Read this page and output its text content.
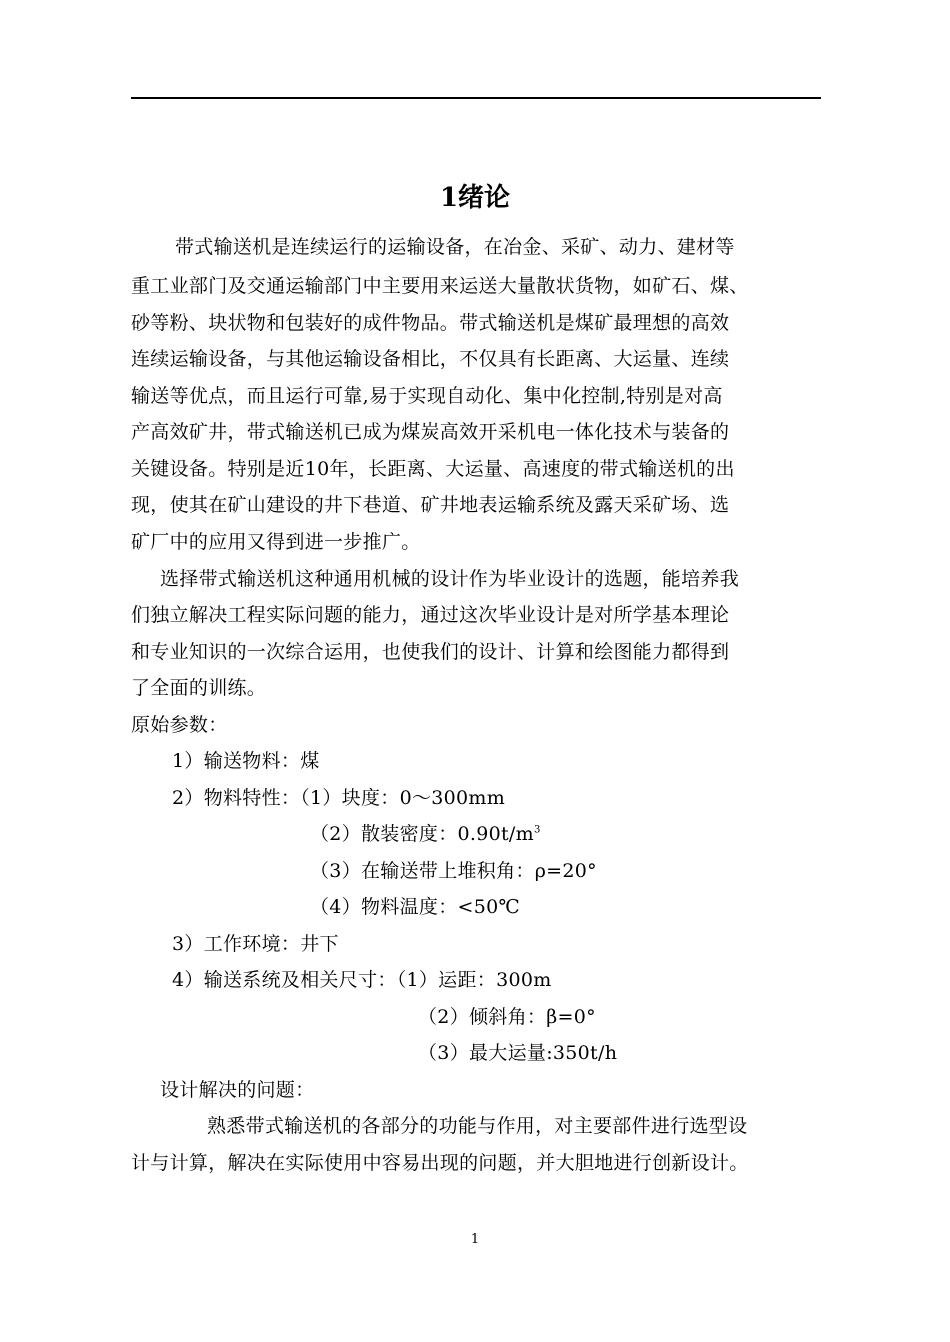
1绪论
带式输送机是连续运行的运输设备，在冶金、采矿、动力、建材等
重工业部门及交通运输部门中主要用来运送大量散状货物，如矿石、煤、
砂等粉、块状物和包装好的成件物品。带式输送机是煤矿最理想的高效
连续运输设备，与其他运输设备相比，不仅具有长距离、大运量、连续
输送等优点，而且运行可靠,易于实现自动化、集中化控制,特别是对高
产高效矿井，带式输送机已成为煤炭高效开采机电一体化技术与装备的
关键设备。特别是近10年，长距离、大运量、高速度的带式输送机的出
现，使其在矿山建设的井下巷道、矿井地表运输系统及露天采矿场、选
矿厂中的应用又得到进一步推广。
选择带式输送机这种通用机械的设计作为毕业设计的选题，能培养我
们独立解决工程实际问题的能力，通过这次毕业设计是对所学基本理论
和专业知识的一次综合运用，也使我们的设计、计算和绘图能力都得到
了全面的训练。
原始参数：
1）输送物料：煤
2）物料特性：（1）块度：0～300mm
（2）散装密度：$0.90t/m^3$
（3）在输送带上堆积角：ρ=20°
（4）物料温度：<50℃
3）工作环境：井下
4）输送系统及相关尺寸：（1）运距：300m
（2）倾斜角：β=0°
（3）最大运量:350t/h
设计解决的问题：
熟悉带式输送机的各部分的功能与作用，对主要部件进行选型设
计与计算，解决在实际使用中容易出现的问题，并大胆地进行创新设计。
1
